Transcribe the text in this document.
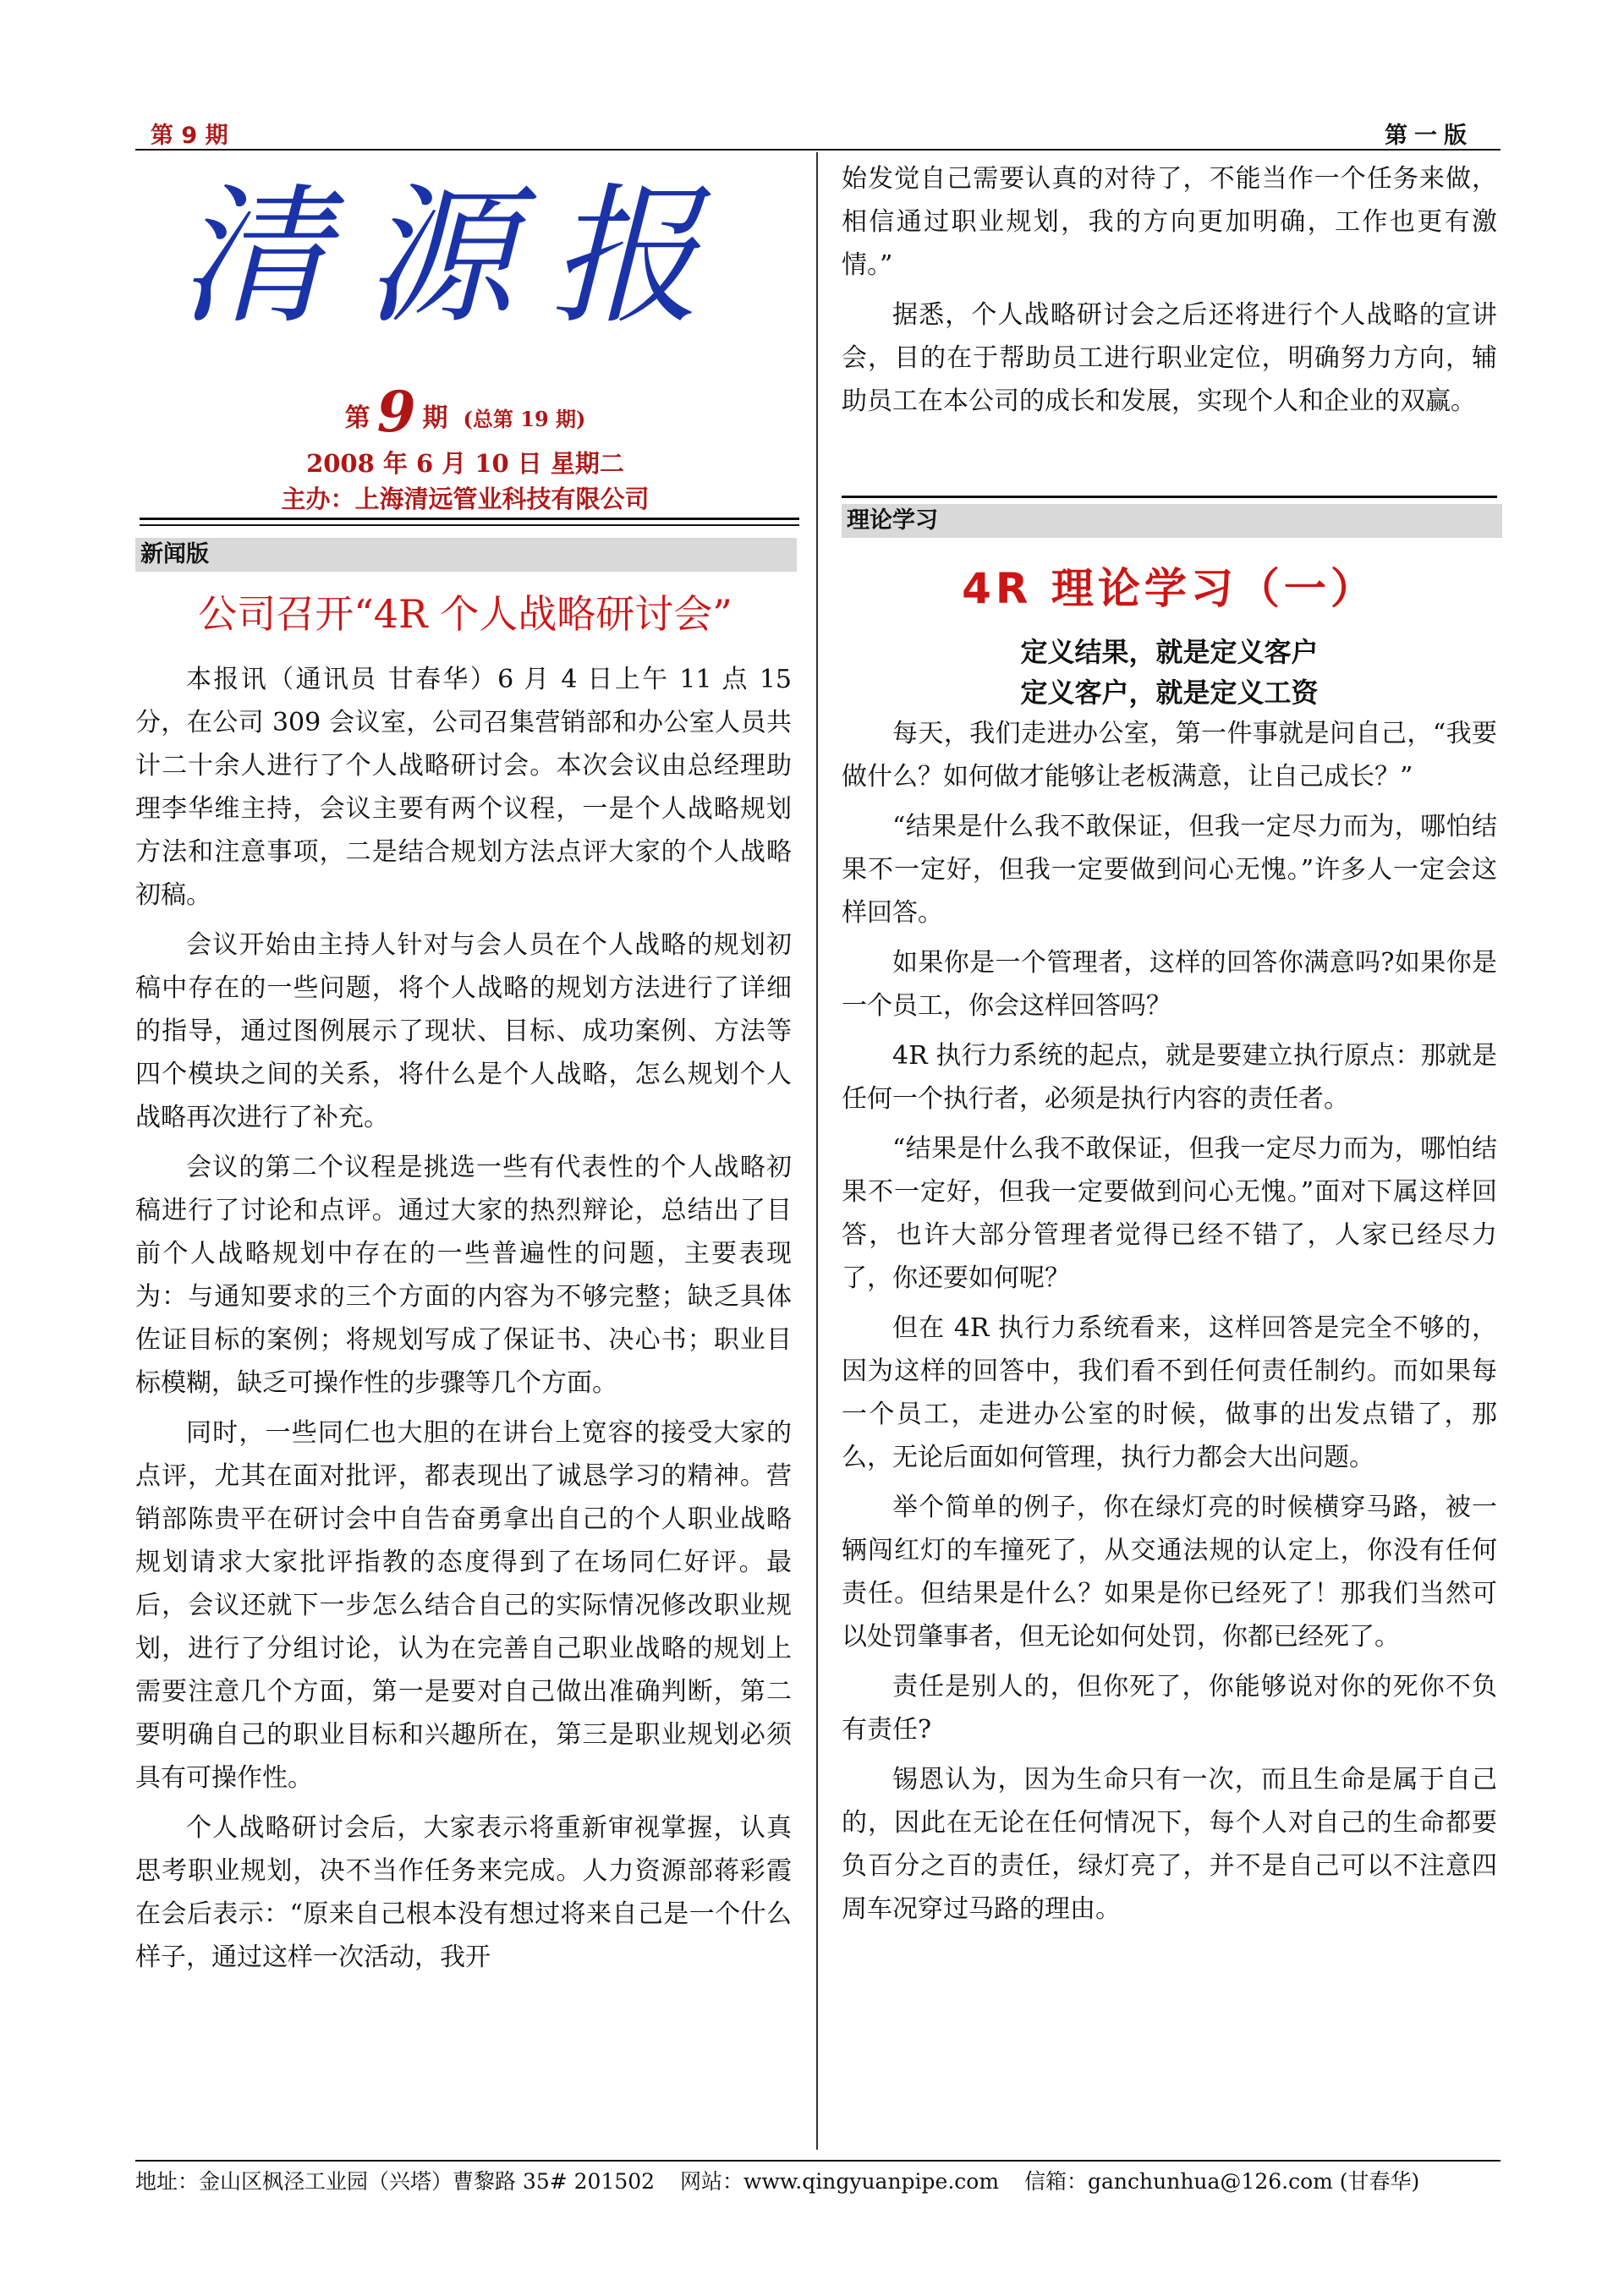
第 9 期	第一版
清源报
第 9 期 (总第 19 期)
2008 年 6 月 10 日 星期二
主办：上海清远管业科技有限公司
新闻版
公司召开“4R 个人战略研讨会”

本报讯（通讯员 甘春华）6 月 4 日上午 11 点 15 分，在公司 309 会议室，公司召集营销部和办公室人员共计二十余人进行了个人战略研讨会。本次会议由总经理助理李华维主持，会议主要有两个议程，一是个人战略规划方法和注意事项，二是结合规划方法点评大家的个人战略初稿。

会议开始由主持人针对与会人员在个人战略的规划初稿中存在的一些问题，将个人战略的规划方法进行了详细的指导，通过图例展示了现状、目标、成功案例、方法等四个模块之间的关系，将什么是个人战略，怎么规划个人战略再次进行了补充。

会议的第二个议程是挑选一些有代表性的个人战略初稿进行了讨论和点评。通过大家的热烈辩论，总结出了目前个人战略规划中存在的一些普遍性的问题，主要表现为：与通知要求的三个方面的内容为不够完整；缺乏具体佐证目标的案例；将规划写成了保证书、决心书；职业目标模糊，缺乏可操作性的步骤等几个方面。

同时，一些同仁也大胆的在讲台上宽容的接受大家的点评，尤其在面对批评，都表现出了诚恳学习的精神。营销部陈贵平在研讨会中自告奋勇拿出自己的个人职业战略规划请求大家批评指教的态度得到了在场同仁好评。最后，会议还就下一步怎么结合自己的实际情况修改职业规划，进行了分组讨论，认为在完善自己职业战略的规划上需要注意几个方面，第一是要对自己做出准确判断，第二要明确自己的职业目标和兴趣所在，第三是职业规划必须具有可操作性。

个人战略研讨会后，大家表示将重新审视掌握，认真思考职业规划，决不当作任务来完成。人力资源部蒋彩霞在会后表示：“原来自己根本没有想过将来自己是一个什么样子，通过这样一次活动，我开

始发觉自己需要认真的对待了，不能当作一个任务来做，相信通过职业规划，我的方向更加明确，工作也更有激情。”

据悉，个人战略研讨会之后还将进行个人战略的宣讲会，目的在于帮助员工进行职业定位，明确努力方向，辅助员工在本公司的成长和发展，实现个人和企业的双赢。

理论学习
4R 理论学习（一）
定义结果，就是定义客户
定义客户，就是定义工资

每天，我们走进办公室，第一件事就是问自己，“我要做什么？如何做才能够让老板满意，让自己成长？”

“结果是什么我不敢保证，但我一定尽力而为，哪怕结果不一定好，但我一定要做到问心无愧。”许多人一定会这样回答。

如果你是一个管理者，这样的回答你满意吗?如果你是一个员工，你会这样回答吗？

4R 执行力系统的起点，就是要建立执行原点：那就是任何一个执行者，必须是执行内容的责任者。

“结果是什么我不敢保证，但我一定尽力而为，哪怕结果不一定好，但我一定要做到问心无愧。”面对下属这样回答，也许大部分管理者觉得已经不错了，人家已经尽力了，你还要如何呢？

但在 4R 执行力系统看来，这样回答是完全不够的，因为这样的回答中，我们看不到任何责任制约。而如果每一个员工，走进办公室的时候，做事的出发点错了，那么，无论后面如何管理，执行力都会大出问题。

举个简单的例子，你在绿灯亮的时候横穿马路，被一辆闯红灯的车撞死了，从交通法规的认定上，你没有任何责任。但结果是什么？如果是你已经死了！那我们当然可以处罚肇事者，但无论如何处罚，你都已经死了。

责任是别人的，但你死了，你能够说对你的死你不负有责任?

锡恩认为，因为生命只有一次，而且生命是属于自己的，因此在无论在任何情况下，每个人对自己的生命都要负百分之百的责任，绿灯亮了，并不是自己可以不注意四周车况穿过马路的理由。

地址：金山区枫泾工业园（兴塔）曹黎路 35# 201502 网站：www.qingyuanpipe.com 信箱：ganchunhua@126.com (甘春华)
